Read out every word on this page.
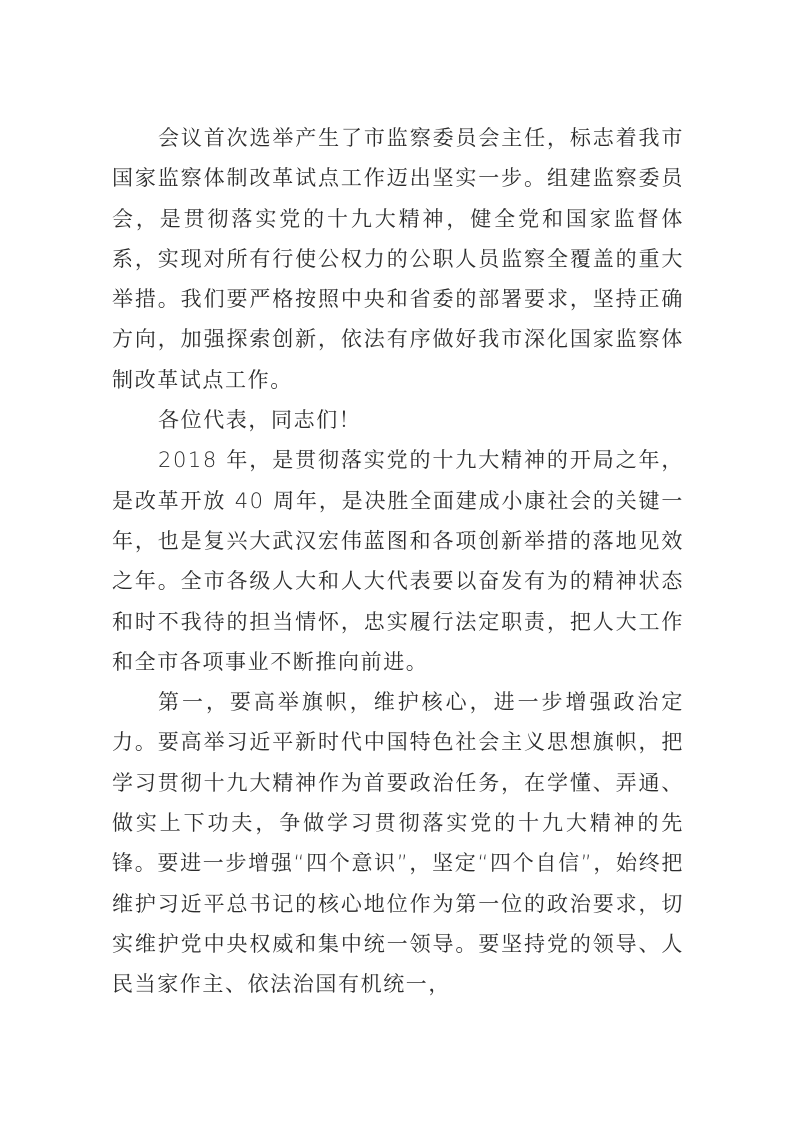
会议首次选举产生了市监察委员会主任，标志着我市国家监察体制改革试点工作迈出坚实一步。组建监察委员会，是贯彻落实党的十九大精神，健全党和国家监督体系，实现对所有行使公权力的公职人员监察全覆盖的重大举措。我们要严格按照中央和省委的部署要求，坚持正确方向，加强探索创新，依法有序做好我市深化国家监察体制改革试点工作。

各位代表，同志们！

2018 年，是贯彻落实党的十九大精神的开局之年，是改革开放 40 周年，是决胜全面建成小康社会的关键一年，也是复兴大武汉宏伟蓝图和各项创新举措的落地见效之年。全市各级人大和人大代表要以奋发有为的精神状态和时不我待的担当情怀，忠实履行法定职责，把人大工作和全市各项事业不断推向前进。

第一，要高举旗帜，维护核心，进一步增强政治定力。要高举习近平新时代中国特色社会主义思想旗帜，把学习贯彻十九大精神作为首要政治任务，在学懂、弄通、做实上下功夫，争做学习贯彻落实党的十九大精神的先锋。要进一步增强“四个意识”，坚定“四个自信”，始终把维护习近平总书记的核心地位作为第一位的政治要求，切实维护党中央权威和集中统一领导。要坚持党的领导、人民当家作主、依法治国有机统一，
